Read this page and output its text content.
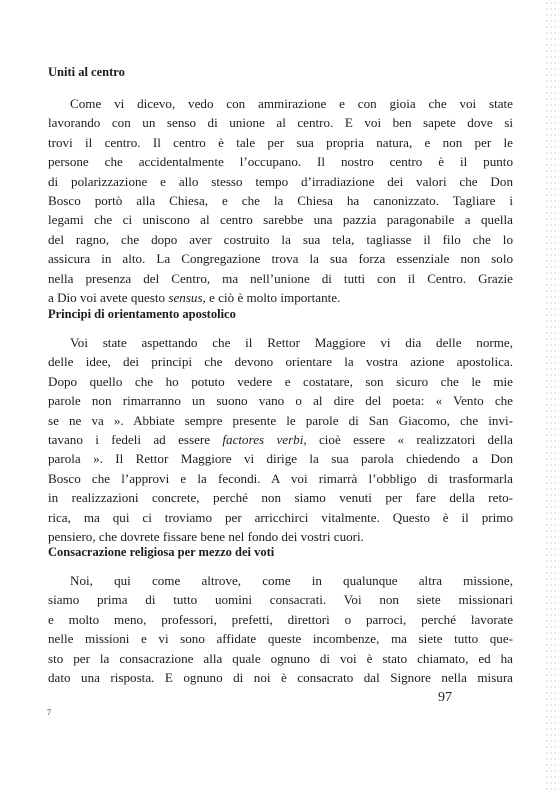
Uniti al centro
Come vi dicevo, vedo con ammirazione e con gioia che voi state
lavorando con un senso di unione al centro. E voi ben sapete dove si
trovi il centro. Il centro è tale per sua propria natura, e non per le
persone che accidentalmente l’occupano. Il nostro centro è il punto
di polarizzazione e allo stesso tempo d’irradiazione dei valori che Don
Bosco portò alla Chiesa, e che la Chiesa ha canonizzato. Tagliare i
legami che ci uniscono al centro sarebbe una pazzia paragonabile a quella
del ragno, che dopo aver costruito la sua tela, tagliasse il filo che lo
assicura in alto. La Congregazione trova la sua forza essenziale non solo
nella presenza del Centro, ma nell’unione di tutti con il Centro. Grazie
a Dio voi avete questo sensus, e ciò è molto importante.
Principi di orientamento apostolico
Voi state aspettando che il Rettor Maggiore vi dia delle norme,
delle idee, dei principi che devono orientare la vostra azione apostolica.
Dopo quello che ho potuto vedere e costatare, son sicuro che le mie
parole non rimarranno un suono vano o al dire del poeta: « Vento che
se ne va ». Abbiate sempre presente le parole di San Giacomo, che invi-
tavano i fedeli ad essere factores verbi, cioè essere « realizzatori della
parola ». Il Rettor Maggiore vi dirige la sua parola chiedendo a Don
Bosco che l’approvi e la fecondi. A voi rimarrà l’obbligo di trasformarla
in realizzazioni concrete, perché non siamo venuti per fare della reto-
rica, ma qui ci troviamo per arricchirci vitalmente. Questo è il primo
pensiero, che dovrete fissare bene nel fondo dei vostri cuori.
Consacrazione religiosa per mezzo dei voti
Noi, qui come altrove, come in qualunque altra missione,
siamo prima di tutto uomini consacrati. Voi non siete missionari
e molto meno, professori, prefetti, direttori o parroci, perché lavorate
nelle missioni e vi sono affidate queste incombenze, ma siete tutto que-
sto per la consacrazione alla quale ognuno di voi è stato chiamato, ed ha
dato una risposta. E ognuno di noi è consacrato dal Signore nella misura
97
7
